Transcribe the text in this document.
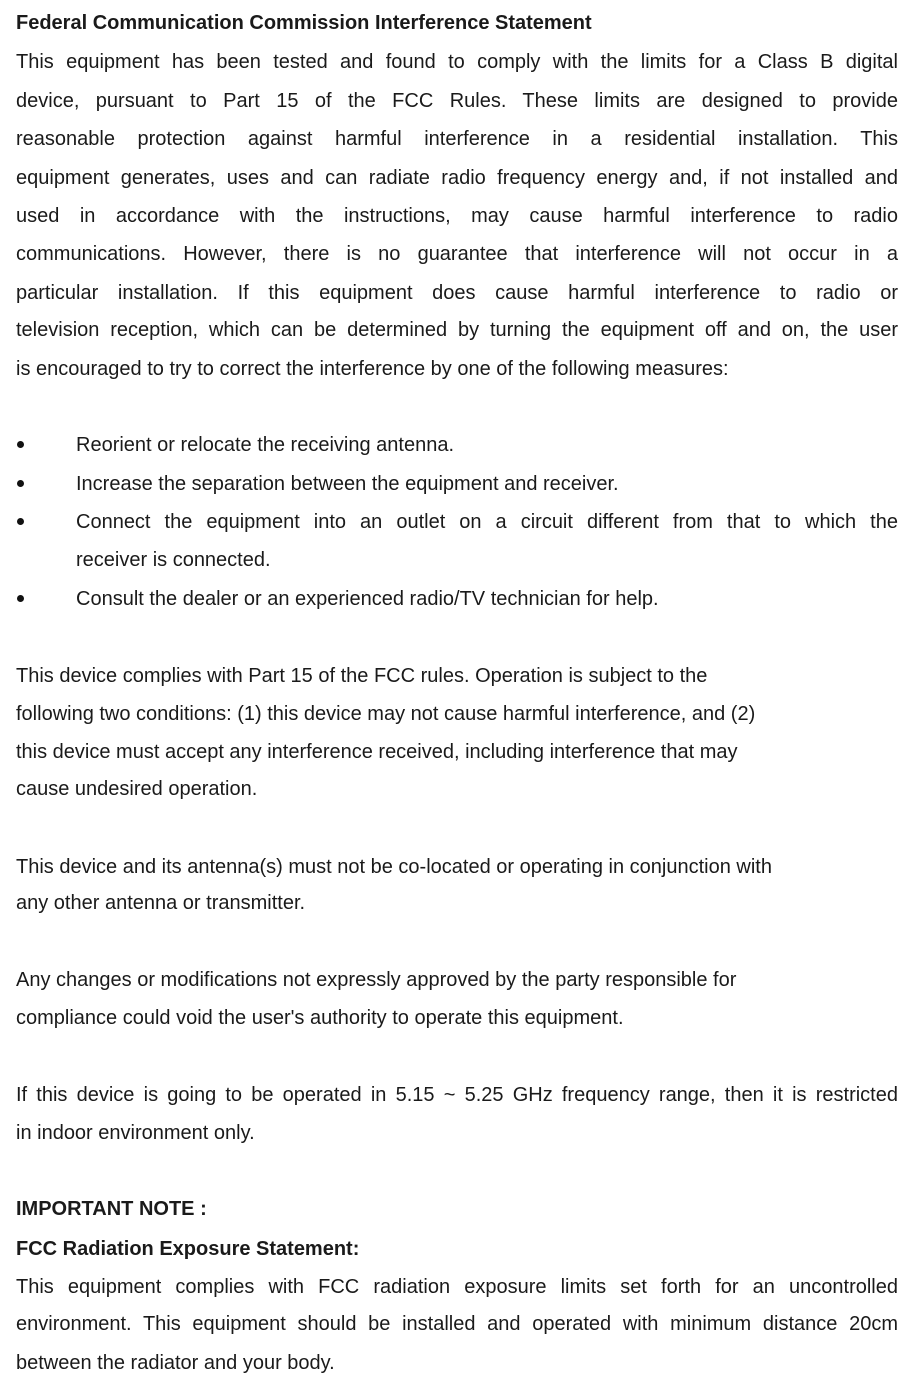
Federal Communication Commission Interference Statement
This equipment has been tested and found to comply with the limits for a Class B digital
device, pursuant to Part 15 of the FCC Rules. These limits are designed to provide
reasonable protection against harmful interference in a residential installation. This
equipment generates, uses and can radiate radio frequency energy and, if not installed and
used in accordance with the instructions, may cause harmful interference to radio
communications. However, there is no guarantee that interference will not occur in a
particular installation. If this equipment does cause harmful interference to radio or
television reception, which can be determined by turning the equipment off and on, the user
is encouraged to try to correct the interference by one of the following measures:
Reorient or relocate the receiving antenna.
Increase the separation between the equipment and receiver.
Connect the equipment into an outlet on a circuit different from that to which the
receiver is connected.
Consult the dealer or an experienced radio/TV technician for help.
This device complies with Part 15 of the FCC rules. Operation is subject to the
following two conditions: (1) this device may not cause harmful interference, and (2)
this device must accept any interference received, including interference that may
cause undesired operation.
This device and its antenna(s) must not be co-located or operating in conjunction with
any other antenna or transmitter.
Any changes or modifications not expressly approved by the party responsible for
compliance could void the user's authority to operate this equipment.
If this device is going to be operated in 5.15 ~ 5.25 GHz frequency range, then it is restricted
in indoor environment only.
IMPORTANT NOTE :
FCC Radiation Exposure Statement:
This equipment complies with FCC radiation exposure limits set forth for an uncontrolled
environment. This equipment should be installed and operated with minimum distance 20cm
between the radiator and your body.
